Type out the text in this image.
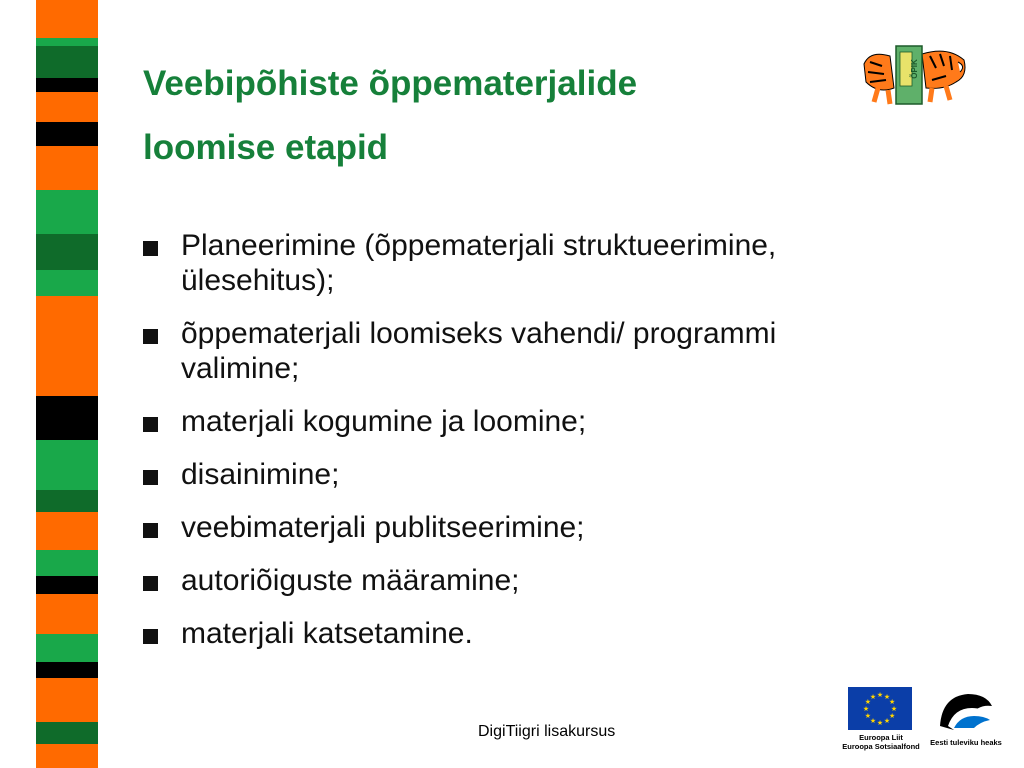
Veebipõhiste õppematerjalide
loomise etapid
ÕPIK
Planeerimine (õppematerjali struktueerimine,
ülesehitus);
õppematerjali loomiseks vahendi/ programmi
valimine;
materjali kogumine ja loomine;
disainimine;
veebimaterjali publitseerimine;
autoriõiguste määramine;
materjali katsetamine.
DigiTiigri lisakursus
★
★
★
★
★
★
★
★
★ ★ ★
★
Euroopa Liit
Euroopa Sotsiaalfond	Eesti tuleviku heaks
